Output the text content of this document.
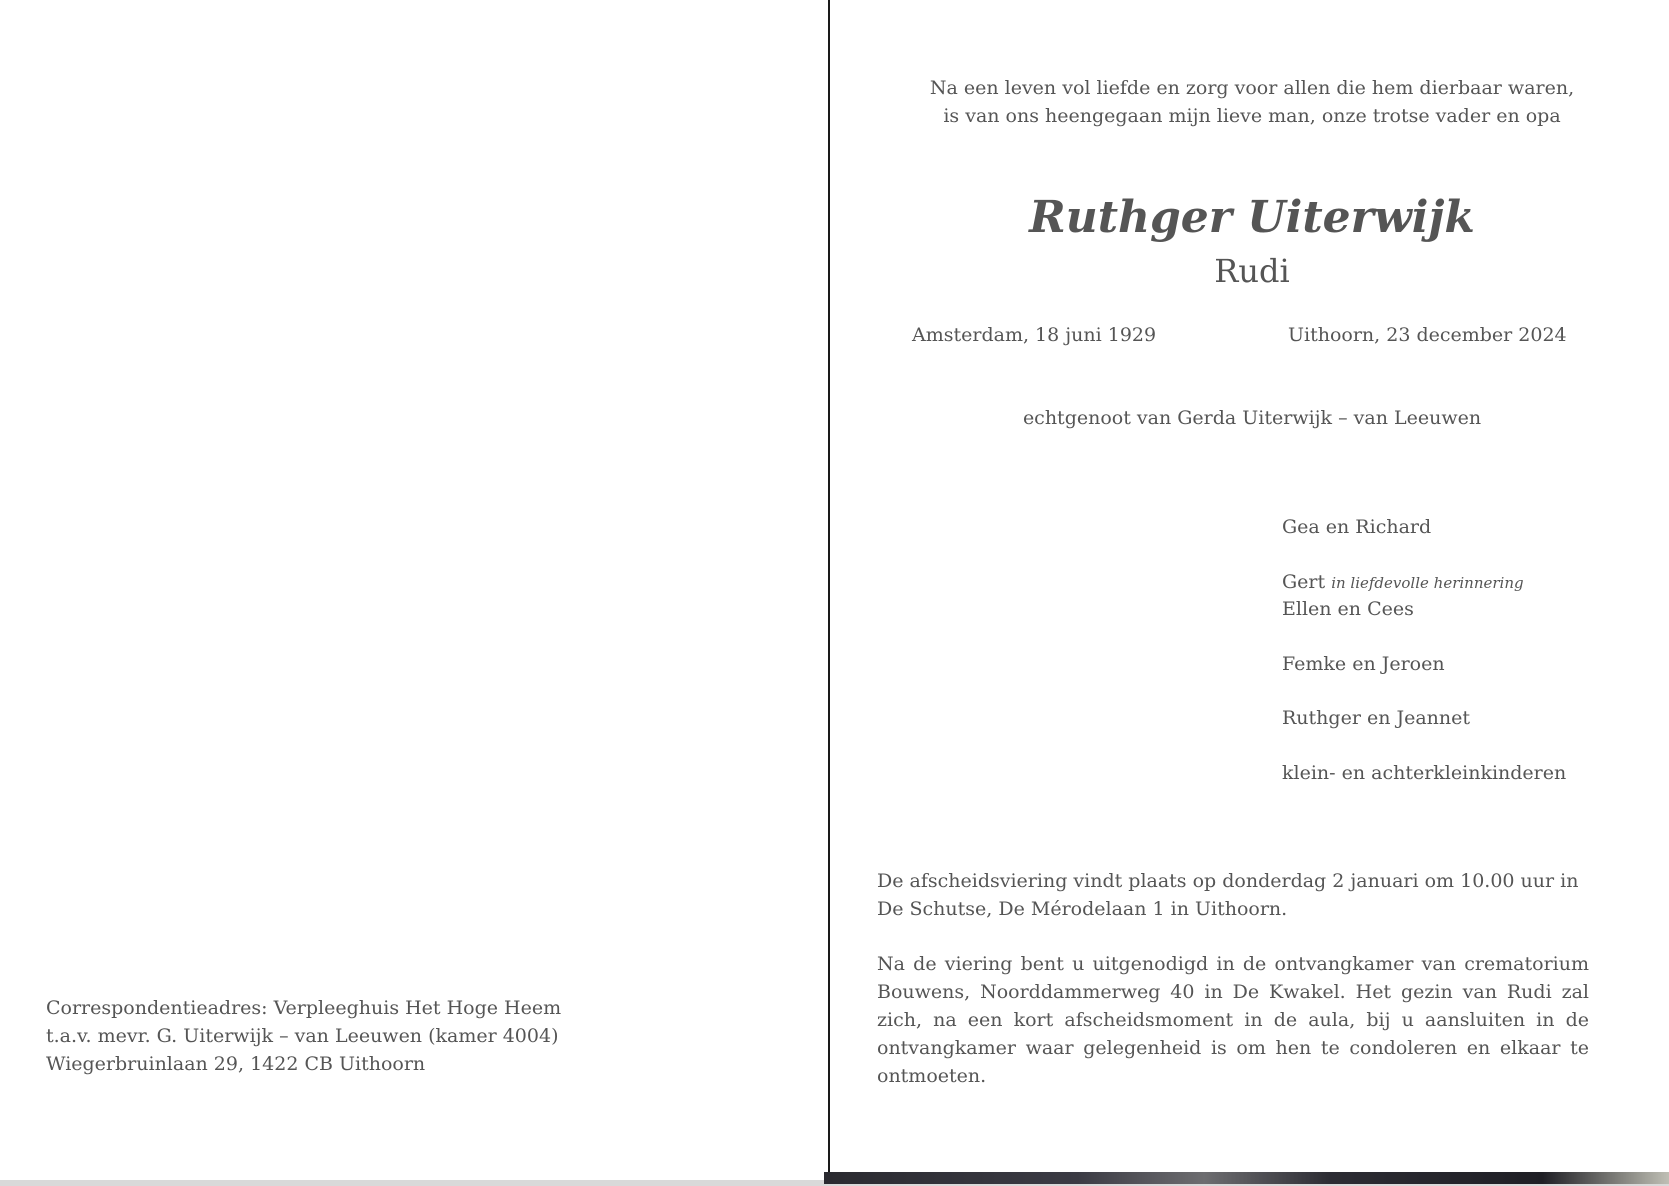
Correspondentieadres: Verpleeghuis Het Hoge Heem
t.a.v. mevr. G. Uiterwijk – van Leeuwen (kamer 4004)
Wiegerbruinlaan 29, 1422 CB Uithoorn

Na een leven vol liefde en zorg voor allen die hem dierbaar waren,

is van ons heengegaan mijn lieve man, onze trotse vader en opa

Ruthger Uiterwijk

Rudi

Amsterdam, 18 juni 1929	Uithoorn, 23 december 2024

echtgenoot van Gerda Uiterwijk – van Leeuwen

Gea en Richard

Gert in liefdevolle herinnering

Ellen en Cees

Femke en Jeroen

Ruthger en Jeannet

klein- en achterkleinkinderen

De afscheidsviering vindt plaats op donderdag 2 januari om 10.00 uur in

De Schutse, De Mérodelaan 1 in Uithoorn.

Na de viering bent u uitgenodigd in de ontvangkamer van crematorium Bouwens, Noorddammerweg 40 in De Kwakel. Het gezin van Rudi zal zich, na een kort afscheidsmoment in de aula, bij u aansluiten in de ontvangkamer waar gelegenheid is om hen te condoleren en elkaar te ontmoeten.
